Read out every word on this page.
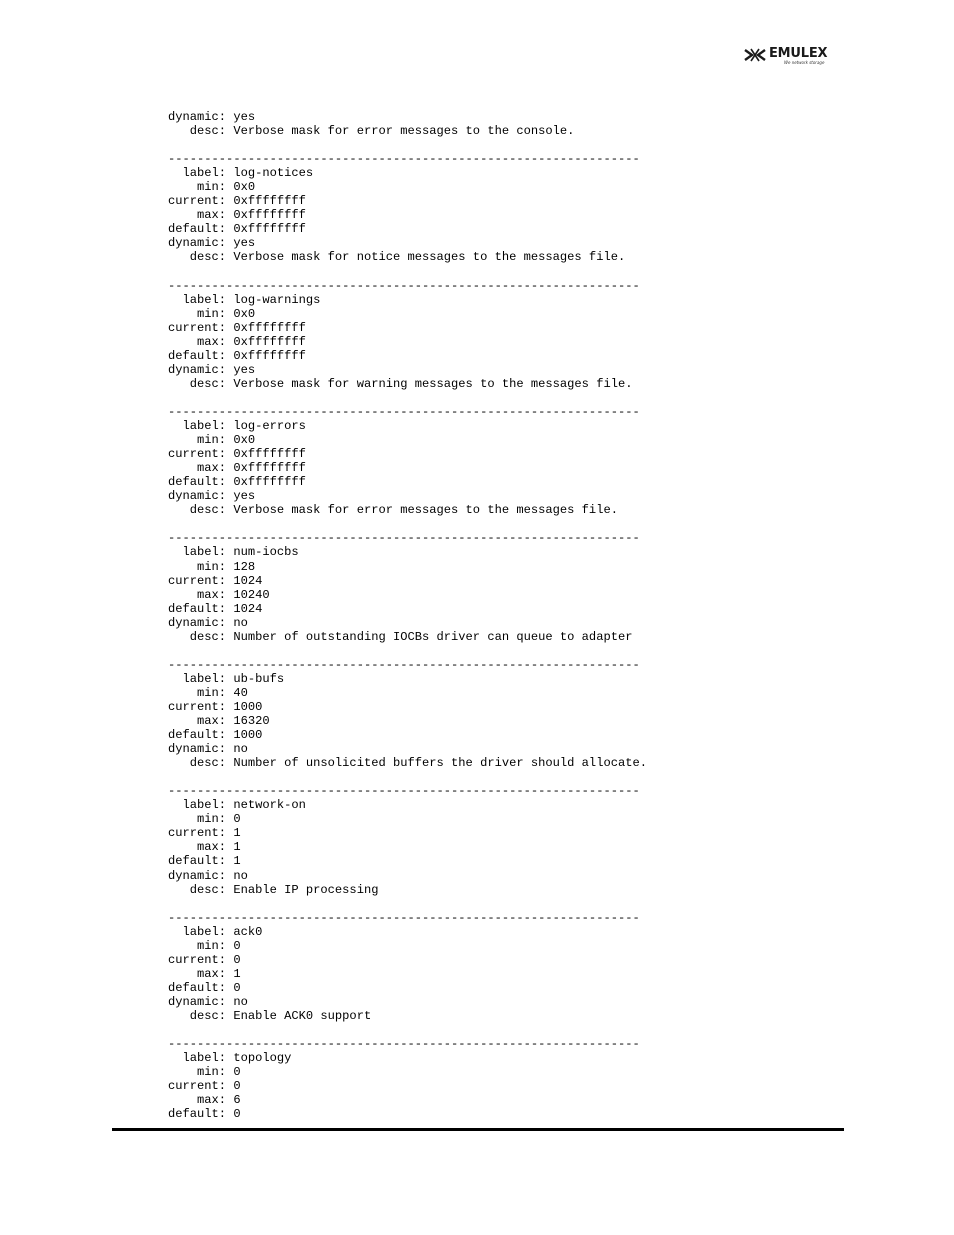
EMULEX
We network storage
dynamic: yes
desc: Verbose mask for error messages to the console.
-----------------------------------------------------------------
label: log-notices
min: 0x0
current: 0xffffffff
max: 0xffffffff
default: 0xffffffff
dynamic: yes
desc: Verbose mask for notice messages to the messages file.
-----------------------------------------------------------------
label: log-warnings
min: 0x0
current: 0xffffffff
max: 0xffffffff
default: 0xffffffff
dynamic: yes
desc: Verbose mask for warning messages to the messages file.
-----------------------------------------------------------------
label: log-errors
min: 0x0
current: 0xffffffff
max: 0xffffffff
default: 0xffffffff
dynamic: yes
desc: Verbose mask for error messages to the messages file.
-----------------------------------------------------------------
label: num-iocbs
min: 128
current: 1024
max: 10240
default: 1024
dynamic: no
desc: Number of outstanding IOCBs driver can queue to adapter
-----------------------------------------------------------------
label: ub-bufs
min: 40
current: 1000
max: 16320
default: 1000
dynamic: no
desc: Number of unsolicited buffers the driver should allocate.
-----------------------------------------------------------------
label: network-on
min: 0
current: 1
max: 1
default: 1
dynamic: no
desc: Enable IP processing
-----------------------------------------------------------------
label: ack0
min: 0
current: 0
max: 1
default: 0
dynamic: no
desc: Enable ACK0 support
-----------------------------------------------------------------
label: topology
min: 0
current: 0
max: 6
default: 0
